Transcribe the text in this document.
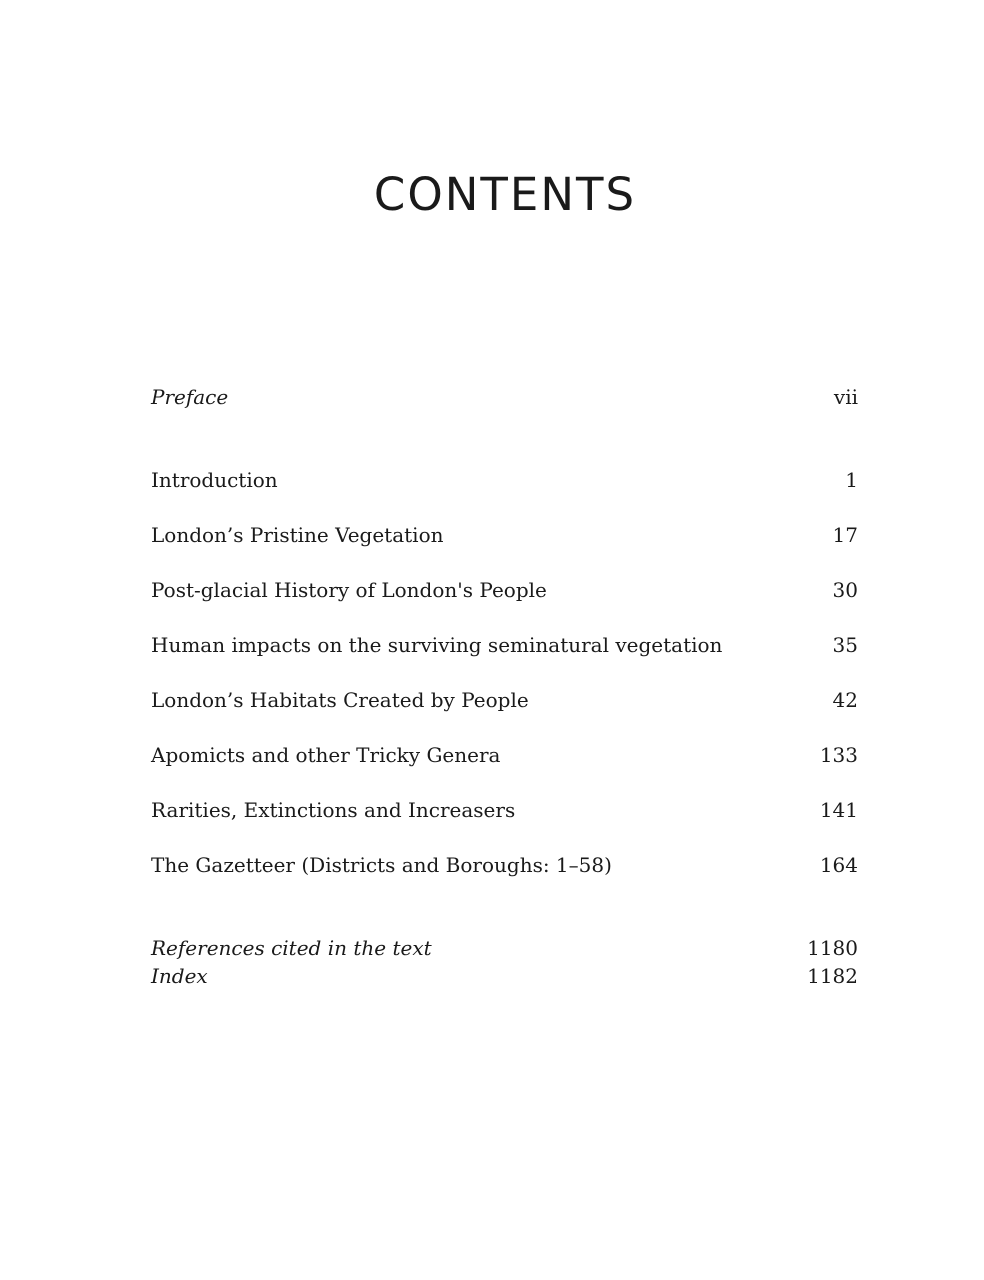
CONTENTS
Preface	vii
Introduction	1
London’s Pristine Vegetation	17
Post-glacial History of London's People	30
Human impacts on the surviving seminatural vegetation	35
London’s Habitats Created by People	42
Apomicts and other Tricky Genera	133
Rarities, Extinctions and Increasers	141
The Gazetteer (Districts and Boroughs: 1–58)	164
References cited in the text	1180
Index	1182
